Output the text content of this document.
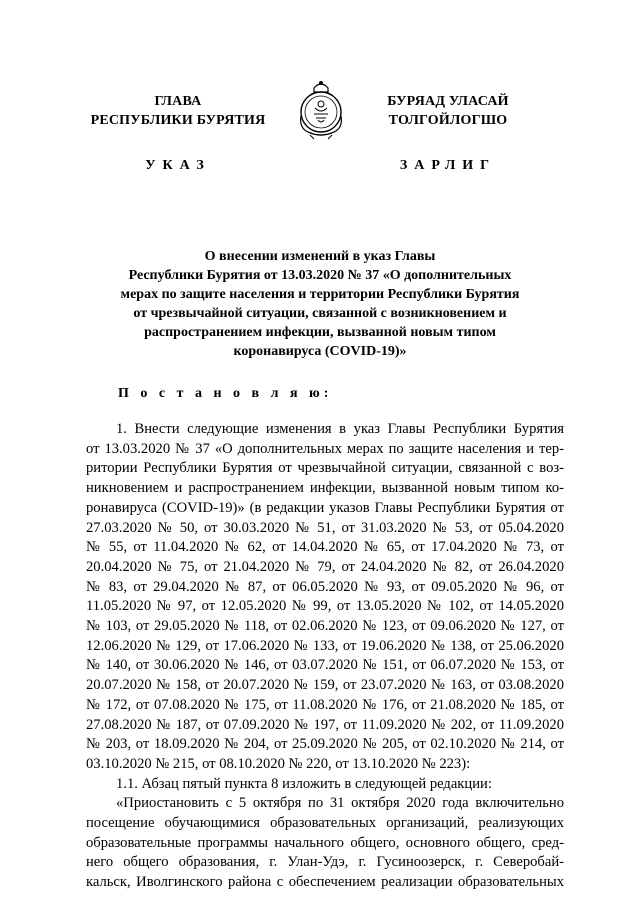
ГЛАВА
РЕСПУБЛИКИ БУРЯТИЯ
УКАЗ
БУРЯАД УЛАСАЙ
ТОЛГОЙЛОГШО
ЗАРЛИГ
О внесении изменений в указ Главы
Республики Бурятия от 13.03.2020 № 37 «О дополнительных
мерах по защите населения и территории Республики Бурятия
от чрезвычайной ситуации, связанной с возникновением и
распространением инфекции, вызванной новым типом
коронавируса (COVID-19)»
П о с т а н о в л я ю:
1. Внести следующие изменения в указ Главы Республики Бурятия
от 13.03.2020 № 37 «О дополнительных мерах по защите населения и тер-
ритории Республики Бурятия от чрезвычайной ситуации, связанной с воз-
никновением и распространением инфекции, вызванной новым типом ко-
ронавируса (COVID-19)» (в редакции указов Главы Республики Бурятия от
27.03.2020 № 50, от 30.03.2020 № 51, от 31.03.2020 № 53, от 05.04.2020
№ 55, от 11.04.2020 № 62, от 14.04.2020 № 65, от 17.04.2020 № 73, от
20.04.2020 № 75, от 21.04.2020 № 79, от 24.04.2020 № 82, от 26.04.2020
№ 83, от 29.04.2020 № 87, от 06.05.2020 № 93, от 09.05.2020 № 96, от
11.05.2020 № 97, от 12.05.2020 № 99, от 13.05.2020 № 102, от 14.05.2020
№ 103, от 29.05.2020 № 118, от 02.06.2020 № 123, от 09.06.2020 № 127, от
12.06.2020 № 129, от 17.06.2020 № 133, от 19.06.2020 № 138, от 25.06.2020
№ 140, от 30.06.2020 № 146, от 03.07.2020 № 151, от 06.07.2020 № 153, от
20.07.2020 № 158, от 20.07.2020 № 159, от 23.07.2020 № 163, от 03.08.2020
№ 172, от 07.08.2020 № 175, от 11.08.2020 № 176, от 21.08.2020 № 185, от
27.08.2020 № 187, от 07.09.2020 № 197, от 11.09.2020 № 202, от 11.09.2020
№ 203, от 18.09.2020 № 204, от 25.09.2020 № 205, от 02.10.2020 № 214, от
03.10.2020 № 215, от 08.10.2020 № 220, от 13.10.2020 № 223):
1.1. Абзац пятый пункта 8 изложить в следующей редакции:
«Приостановить с 5 октября по 31 октября 2020 года включительно
посещение обучающимися образовательных организаций, реализующих
образовательные программы начального общего, основного общего, сред-
него общего образования, г. Улан-Удэ, г. Гусиноозерск, г. Северобай-
кальск, Иволгинского района с обеспечением реализации образовательных
